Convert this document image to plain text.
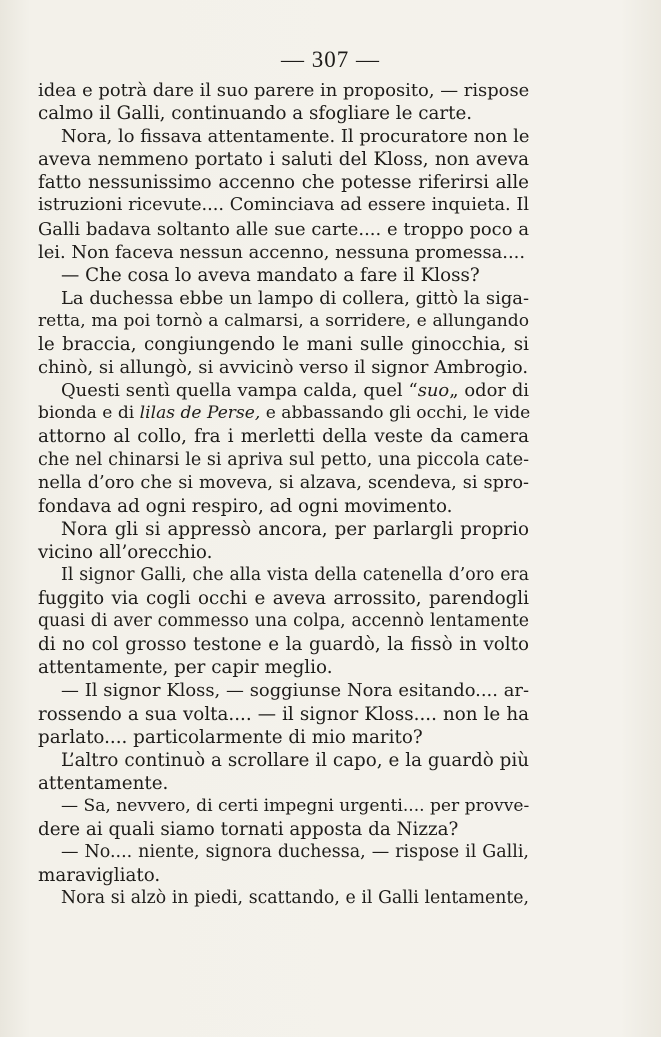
— 307 —
idea e potrà dare il suo parere in proposito, — rispose
calmo il Galli, continuando a sfogliare le carte.
Nora, lo fissava attentamente. Il procuratore non le
aveva nemmeno portato i saluti del Kloss, non aveva
fatto nessunissimo accenno che potesse riferirsi alle
istruzioni ricevute.... Cominciava ad essere inquieta. Il
Galli badava soltanto alle sue carte.... e troppo poco a
lei. Non faceva nessun accenno, nessuna promessa....
— Che cosa lo aveva mandato a fare il Kloss?
La duchessa ebbe un lampo di collera, gittò la siga-
retta, ma poi tornò a calmarsi, a sorridere, e allungando
le braccia, congiungendo le mani sulle ginocchia, si
chinò, si allungò, si avvicinò verso il signor Ambrogio.
Questi sentì quella vampa calda, quel “suo„ odor di
bionda e di lilas de Perse, e abbassando gli occhi, le vide
attorno al collo, fra i merletti della veste da camera
che nel chinarsi le si apriva sul petto, una piccola cate-
nella d’oro che si moveva, si alzava, scendeva, si spro-
fondava ad ogni respiro, ad ogni movimento.
Nora gli si appressò ancora, per parlargli proprio
vicino all’orecchio.
Il signor Galli, che alla vista della catenella d’oro era
fuggito via cogli occhi e aveva arrossito, parendogli
quasi di aver commesso una colpa, accennò lentamente
di no col grosso testone e la guardò, la fissò in volto
attentamente, per capir meglio.
— Il signor Kloss, — soggiunse Nora esitando.... ar-
rossendo a sua volta.... — il signor Kloss.... non le ha
parlato.... particolarmente di mio marito?
L’altro continuò a scrollare il capo, e la guardò più
attentamente.
— Sa, nevvero, di certi impegni urgenti.... per provve-
dere ai quali siamo tornati apposta da Nizza?
— No.... niente, signora duchessa, — rispose il Galli,
maravigliato.
Nora si alzò in piedi, scattando, e il Galli lentamente,
